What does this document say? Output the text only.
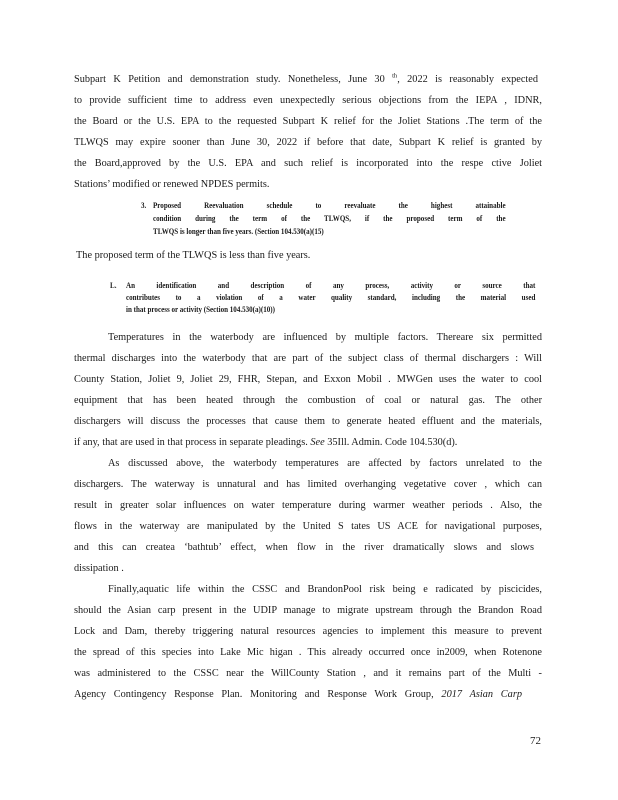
Subpart K Petition and demonstration study. Nonetheless, June 30 $^{th}$, 2022 is reasonably expected
to provide sufficient time to address even unexpectedly serious objections from the IEPA , IDNR,
the Board or the U.S. EPA to the requested Subpart K relief for the Joliet Stations .The term of the
TLWQS may expire sooner than June 30, 2022 if before that date, Subpart K relief is granted by
the Board,approved by the U.S. EPA and such relief is incorporated into the respe ctive Joliet
Stations’ modified or renewed NPDES permits.
3. Proposed Reevaluation schedule to reevaluate the highest attainable
condition during the term of the TLWQS, if the proposed term of the
TLWQS is longer than five years. (Section 104.530(a)(15)
The proposed term of the TLWQS is less than five years.
L. An identification and description of any process, activity or source that
contributes to a violation of a water quality standard, including the material used
in that process or activity (Section 104.530(a)(10))
Temperatures in the waterbody are influenced by multiple factors. Thereare six permitted
thermal discharges into the waterbody that are part of the subject class of thermal dischargers : Will
County Station, Joliet 9, Joliet 29, FHR, Stepan, and Exxon Mobil . MWGen uses the water to cool
equipment that has been heated through the combustion of coal or natural gas. The other
dischargers will discuss the processes that cause them to generate heated effluent and the materials,
if any, that are used in that process in separate pleadings. See 35Ill. Admin. Code 104.530(d).
As discussed above, the waterbody temperatures are affected by factors unrelated to the
dischargers. The waterway is unnatural and has limited overhanging vegetative cover , which can
result in greater solar influences on water temperature during warmer weather periods . Also, the
flows in the waterway are manipulated by the United S tates US ACE for navigational purposes,
and this can createa ‘bathtub’ effect, when flow in the river dramatically slows and slows
dissipation .
Finally,aquatic life within the CSSC and BrandonPool risk being e radicated by piscicides,
should the Asian carp present in the UDIP manage to migrate upstream through the Brandon Road
Lock and Dam, thereby triggering natural resources agencies to implement this measure to prevent
the spread of this species into Lake Mic higan . This already occurred once in2009, when Rotenone
was administered to the CSSC near the WillCounty Station , and it remains part of the Multi -
Agency Contingency Response Plan. Monitoring and Response Work Group, 2017 Asian Carp
72
